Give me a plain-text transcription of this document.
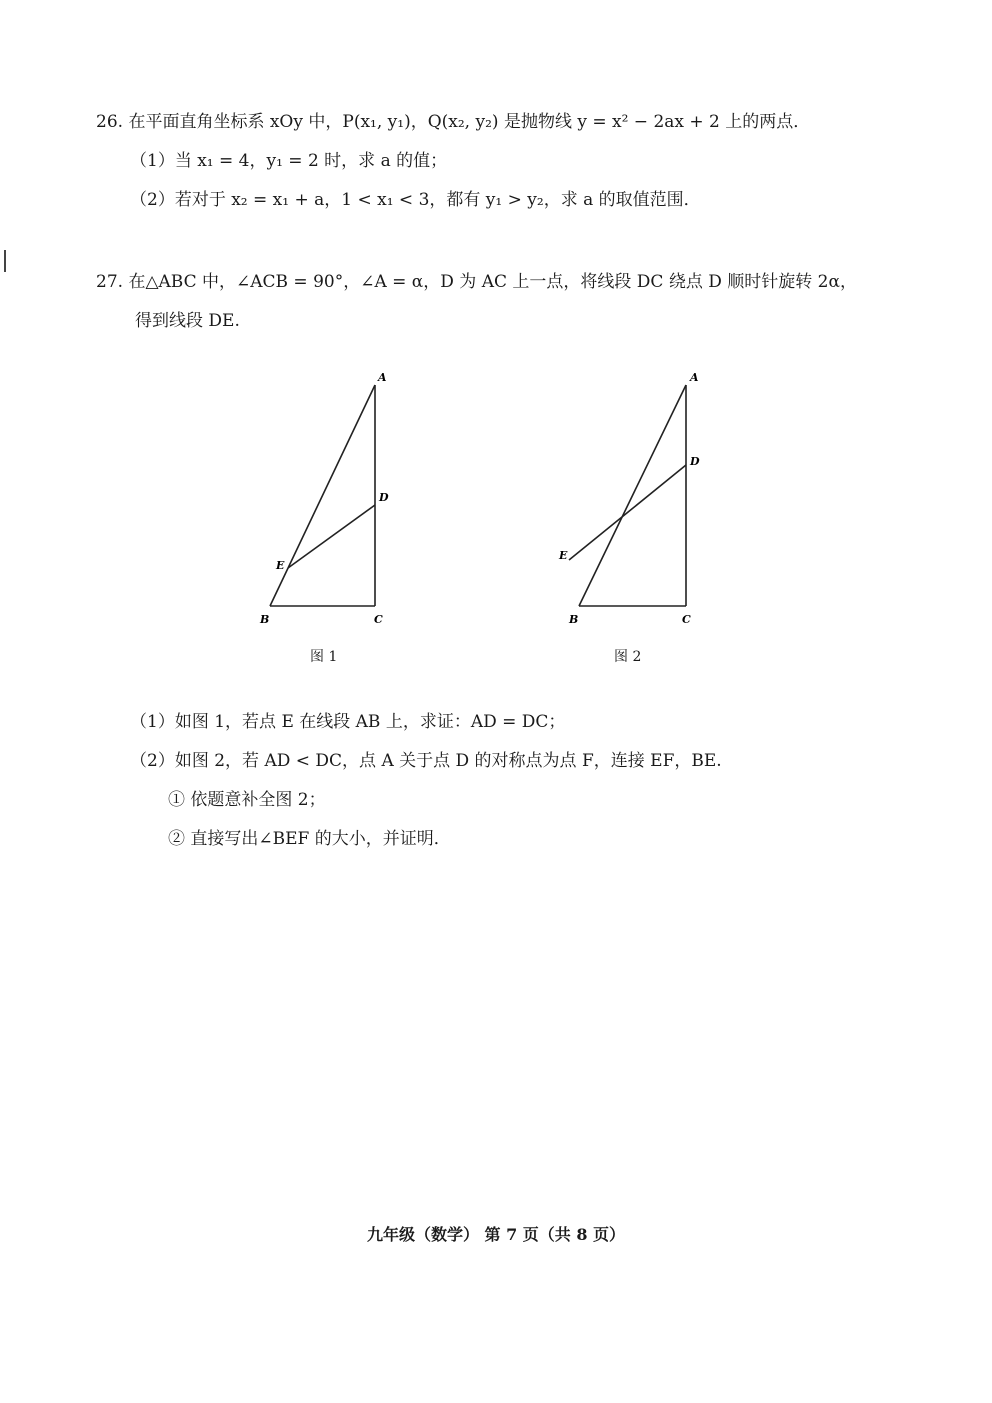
26. 在平面直角坐标系 xOy 中，P(x₁, y₁)，Q(x₂, y₂) 是抛物线 y = x² − 2ax + 2 上的两点．
（1）当 x₁ = 4，y₁ = 2 时，求 a 的值；
（2）若对于 x₂ = x₁ + a，1 < x₁ < 3，都有 y₁ > y₂，求 a 的取值范围．
27. 在△ABC 中，∠ACB = 90°，∠A = α，D 为 AC 上一点，将线段 DC 绕点 D 顺时针旋转 2α，
得到线段 DE.
A
D
E
B	C
A
D
E
B	C
图 1	图 2
（1）如图 1，若点 E 在线段 AB 上，求证：AD = DC；
（2）如图 2，若 AD < DC，点 A 关于点 D 的对称点为点 F，连接 EF，BE.
① 依题意补全图 2；
② 直接写出∠BEF 的大小，并证明．
九年级（数学） 第 7 页（共 8 页）
